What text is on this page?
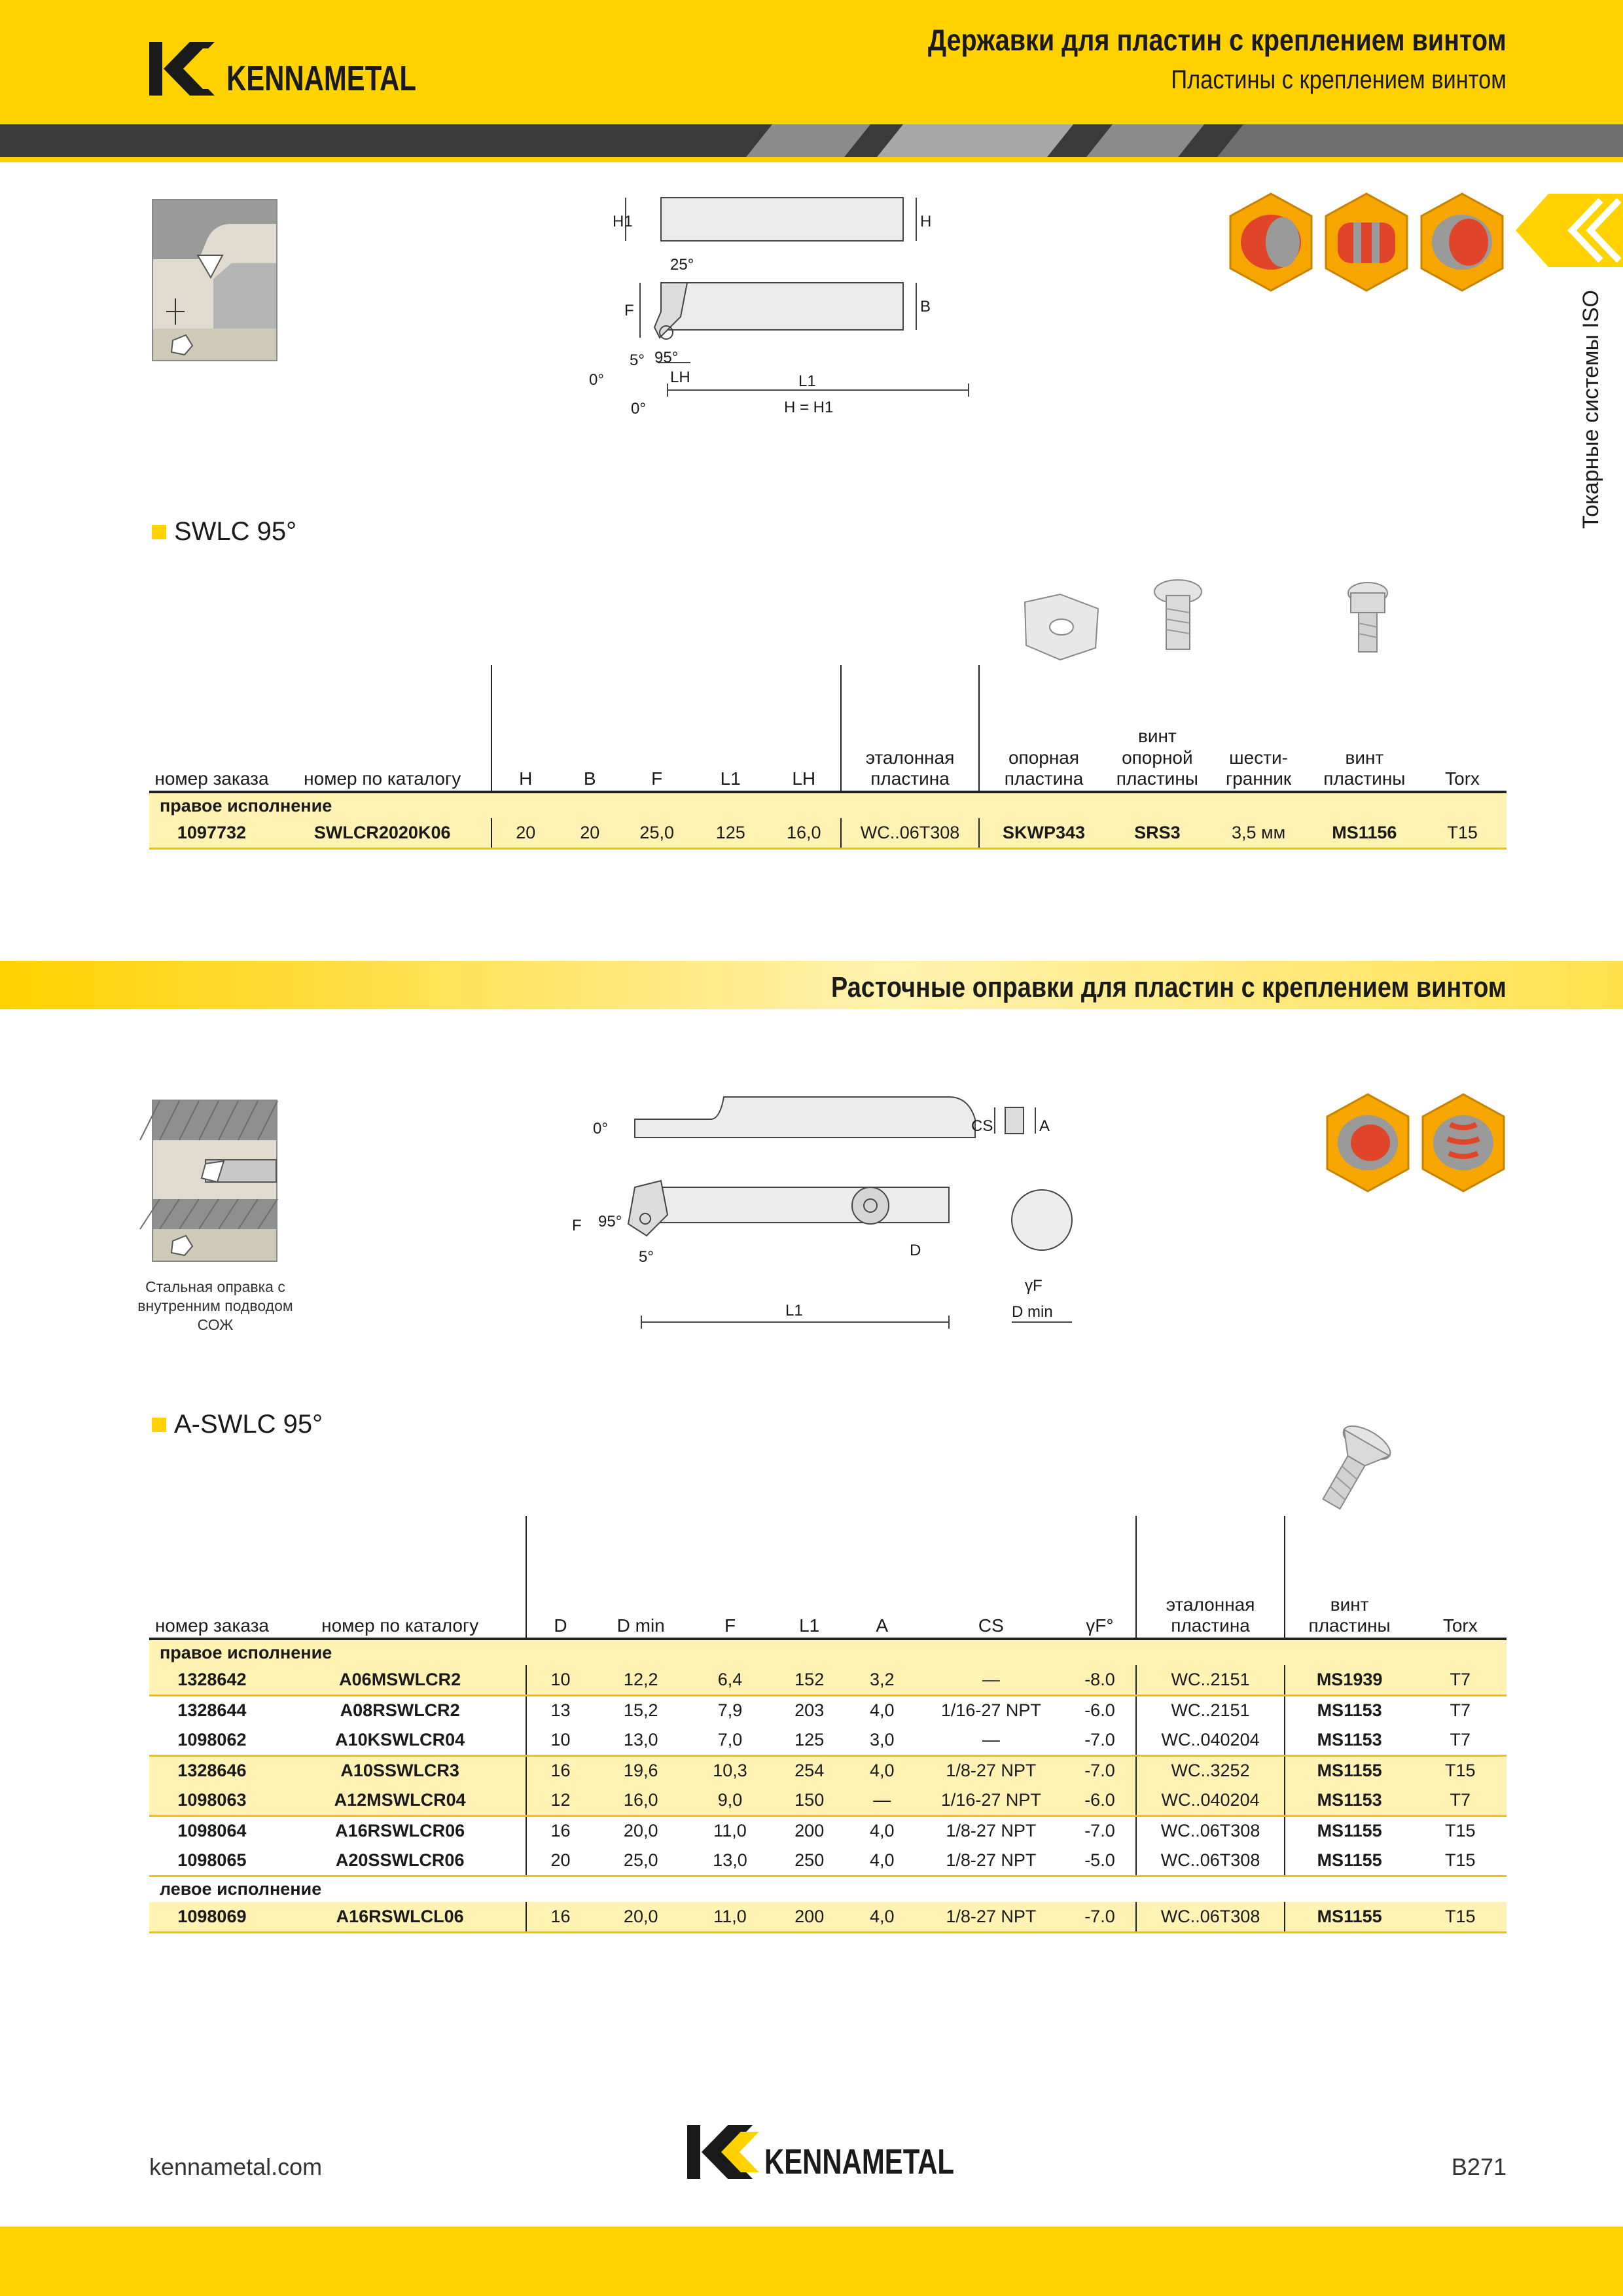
KENNAMETAL
Державки для пластин с креплением винтом
Пластины с креплением винтом
Токарные системы ISO
H1	H
25°
F	B
5° 95°
0°	LH	L1
H = H1
0°
SWLC 95°
номер заказа	номер по каталогу	H	B	F	L1	LH	эталонная пластина	опорная пластина	винт опорной пластины	шести-гранник	винт пластины	Torx
правое исполнение												
1097732	SWLCR2020K06	20	20	25,0	125	16,0	WC..06T308	SKWP343	SRS3	3,5 мм	MS1156	T15
Расточные оправки для пластин с креплением винтом
Стальная оправка с внутренним подводом СОЖ
0°	CS	A
F 95°
5°	D
γF
L1	D min
A-SWLC 95°
номер заказа	номер по каталогу	D	D min	F	L1	A	CS	γF°	эталонная пластина	винт пластины	Torx
правое исполнение											
1328642	A06MSWLCR2	10	12,2	6,4	152	3,2	—	-8.0	WC..2151	MS1939	T7
1328644	A08RSWLCR2	13	15,2	7,9	203	4,0	1/16-27 NPT	-6.0	WC..2151	MS1153	T7
1098062	A10KSWLCR04	10	13,0	7,0	125	3,0	—	-7.0	WC..040204	MS1153	T7
1328646	A10SSWLCR3	16	19,6	10,3	254	4,0	1/8-27 NPT	-7.0	WC..3252	MS1155	T15
1098063	A12MSWLCR04	12	16,0	9,0	150	—	1/16-27 NPT	-6.0	WC..040204	MS1153	T7
1098064	A16RSWLCR06	16	20,0	11,0	200	4,0	1/8-27 NPT	-7.0	WC..06T308	MS1155	T15
1098065	A20SSWLCR06	20	25,0	13,0	250	4,0	1/8-27 NPT	-5.0	WC..06T308	MS1155	T15
левое исполнение											
1098069	A16RSWLCL06	16	20,0	11,0	200	4,0	1/8-27 NPT	-7.0	WC..06T308	MS1155	T15
kennametal.com	KENNAMETAL	B271
